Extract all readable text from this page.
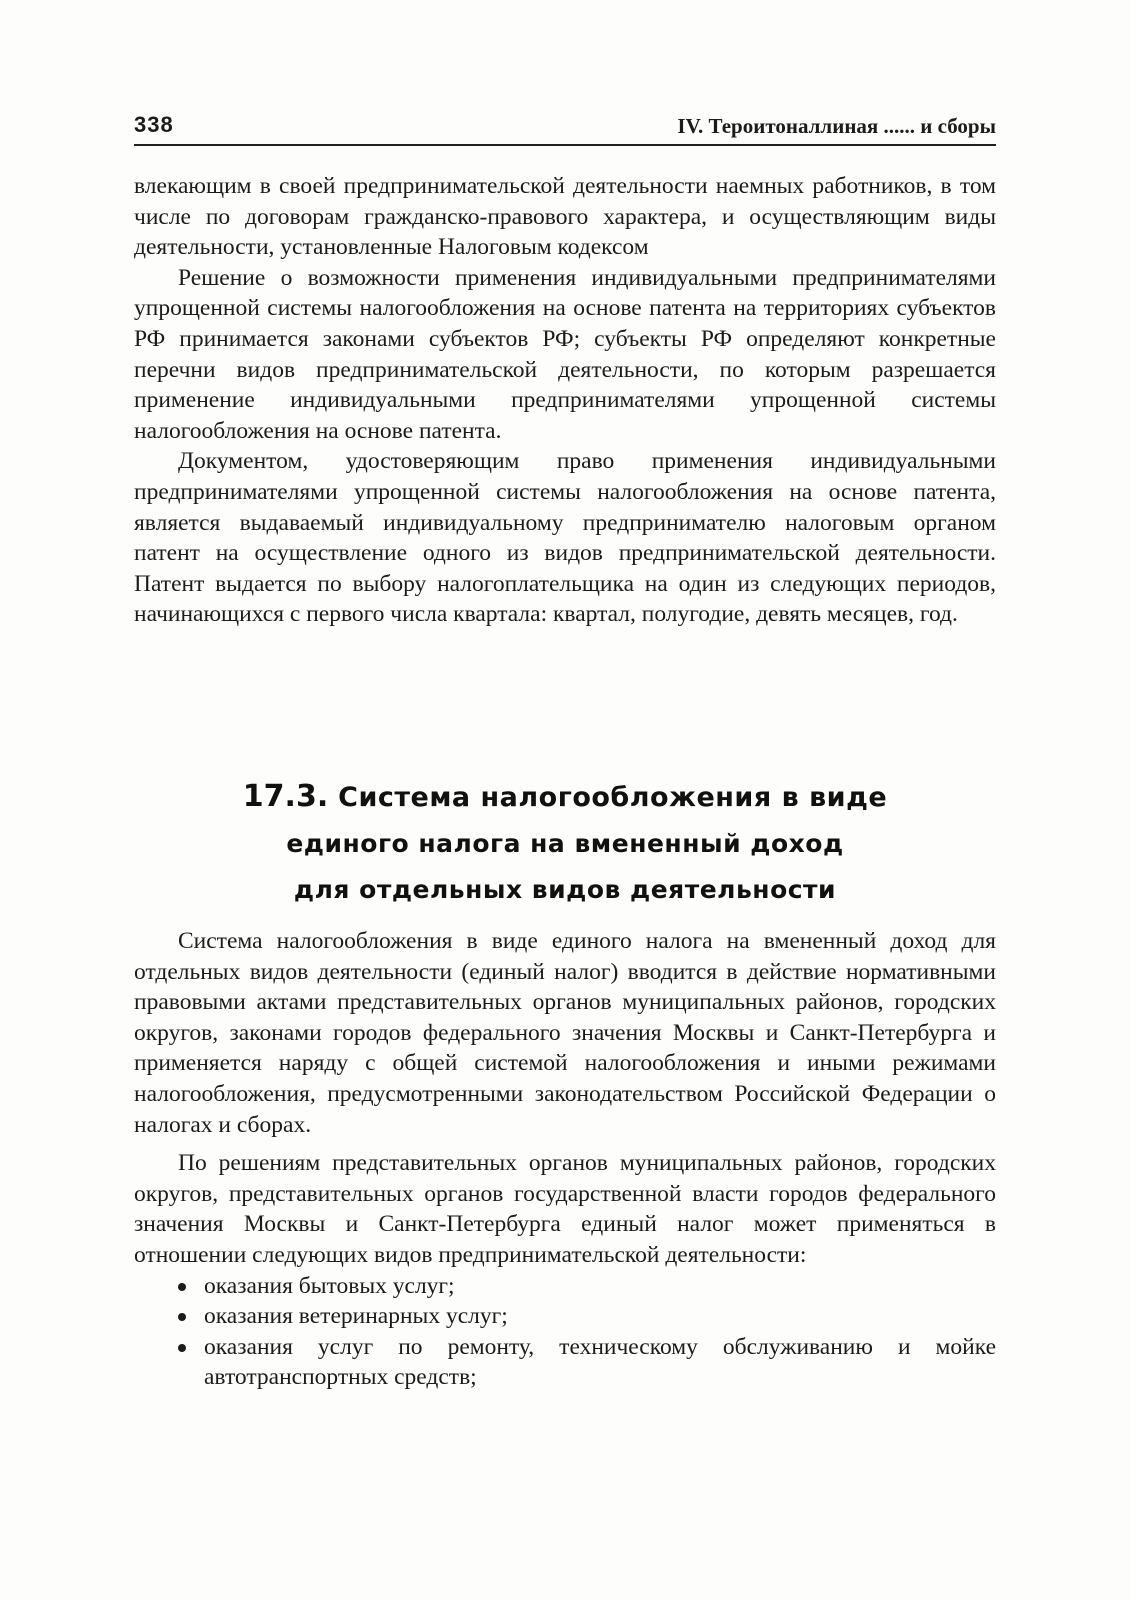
338	IV. Тероитоналлиная ...... и сборы

влекающим в своей предпринимательской деятельности наемных работников, в том числе по договорам гражданско-правового характера, и осуществляющим виды деятельности, установленные Налоговым кодексом

Решение о возможности применения индивидуальными предпринимателями упрощенной системы налогообложения на основе патента на территориях субъектов РФ принимается законами субъектов РФ; субъекты РФ определяют конкретные перечни видов предпринимательской деятельности, по которым разрешается применение индивидуальными предпринимателями упрощенной системы налогообложения на основе патента.

Документом, удостоверяющим право применения индивидуальными предпринимателями упрощенной системы налогообложения на основе патента, является выдаваемый индивидуальному предпринимателю налоговым органом патент на осуществление одного из видов предпринимательской деятельности. Патент выдается по выбору налогоплательщика на один из следующих периодов, начинающихся с первого числа квартала: квартал, полугодие, девять месяцев, год.

17.3. Система налогообложения в виде
единого налога на вмененный доход
для отдельных видов деятельности

Система налогообложения в виде единого налога на вмененный доход для отдельных видов деятельности (единый налог) вводится в действие нормативными правовыми актами представительных органов муниципальных районов, городских округов, законами городов федерального значения Москвы и Санкт-Петербурга и применяется наряду с общей системой налогообложения и иными режимами налогообложения, предусмотренными законодательством Российской Федерации о налогах и сборах.

По решениям представительных органов муниципальных районов, городских округов, представительных органов государственной власти городов федерального значения Москвы и Санкт-Петербурга единый налог может применяться в отношении следующих видов предпринимательской деятельности:

оказания бытовых услуг;
оказания ветеринарных услуг;
оказания услуг по ремонту, техническому обслуживанию и мойке автотранспортных средств;
